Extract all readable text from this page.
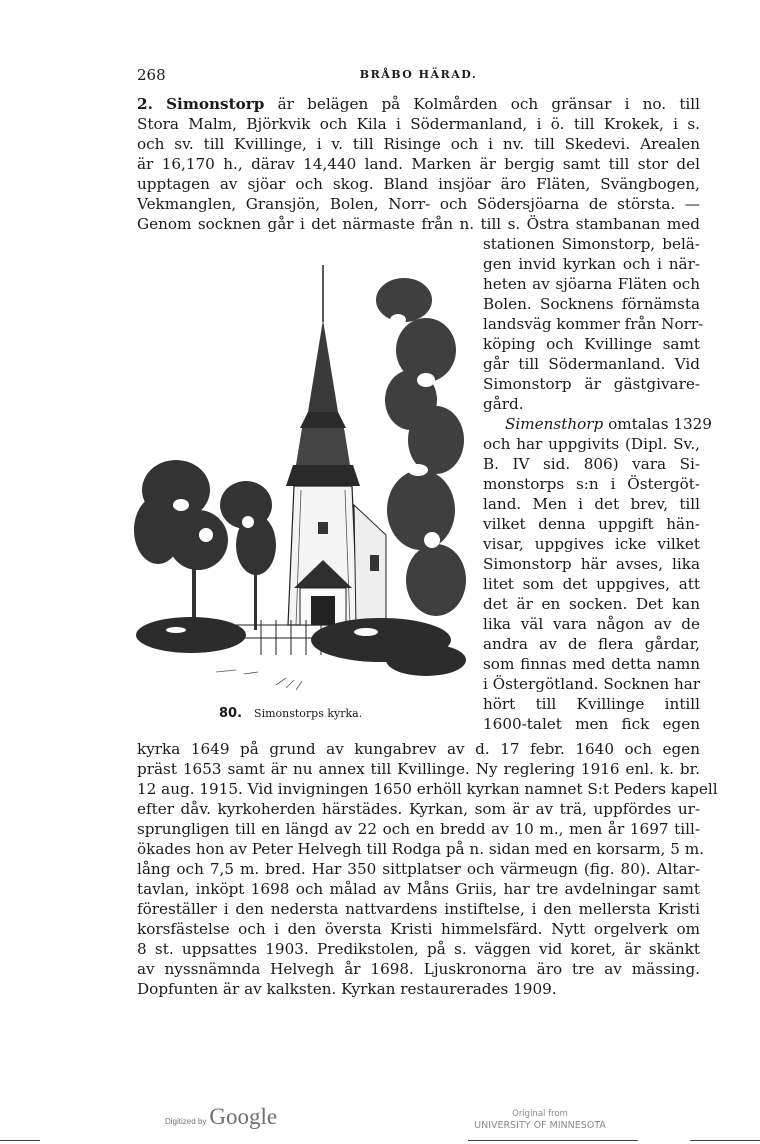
268	BRÅBO HÄRAD.
2. Simonstorp är belägen på Kolmården och gränsar i no. till
Stora Malm, Björkvik och Kila i Södermanland, i ö. till Krokek, i s.
och sv. till Kvillinge, i v. till Risinge och i nv. till Skedevi. Arealen
är 16,170 h., därav 14,440 land. Marken är bergig samt till stor del
upptagen av sjöar och skog. Bland insjöar äro Fläten, Svängbogen,
Vekmanglen, Gransjön, Bolen, Norr- och Södersjöarna de största. —
Genom socknen går i det närmaste från n. till s. Östra stambanan med
stationen Simonstorp, belä-
gen invid kyrkan och i när-
heten av sjöarna Fläten och
Bolen. Socknens förnämsta
landsväg kommer från Norr-
köping och Kvillinge samt
går till Södermanland. Vid
Simonstorp är gästgivare-
gård.
Simensthorp omtalas 1329
och har uppgivits (Dipl. Sv.,
B. IV sid. 806) vara Si-
monstorps s:n i Östergöt-
land. Men i det brev, till
vilket denna uppgift hän-
visar, uppgives icke vilket
Simonstorp här avses, lika
litet som det uppgives, att
det är en socken. Det kan
lika väl vara någon av de
andra av de flera gårdar,
som finnas med detta namn
i Östergötland. Socknen har
hört till Kvillinge intill
1600-talet men fick egen
80. Simonstorps kyrka.
kyrka 1649 på grund av kungabrev av d. 17 febr. 1640 och egen
präst 1653 samt är nu annex till Kvillinge. Ny reglering 1916 enl. k. br.
12 aug. 1915. Vid invigningen 1650 erhöll kyrkan namnet S:t Peders kapell
efter dåv. kyrkoherden härstädes. Kyrkan, som är av trä, uppfördes ur-
sprungligen till en längd av 22 och en bredd av 10 m., men år 1697 till-
ökades hon av Peter Helvegh till Rodga på n. sidan med en korsarm, 5 m.
lång och 7,5 m. bred. Har 350 sittplatser och värmeugn (fig. 80). Altar-
tavlan, inköpt 1698 och målad av Måns Griis, har tre avdelningar samt
föreställer i den nedersta nattvardens instiftelse, i den mellersta Kristi
korsfästelse och i den översta Kristi himmelsfärd. Nytt orgelverk om
8 st. uppsattes 1903. Predikstolen, på s. väggen vid koret, är skänkt
av nyssnämnda Helvegh år 1698. Ljuskronorna äro tre av mässing.
Dopfunten är av kalksten. Kyrkan restaurerades 1909.
Digitized by Google	Original from
UNIVERSITY OF MINNESOTA
